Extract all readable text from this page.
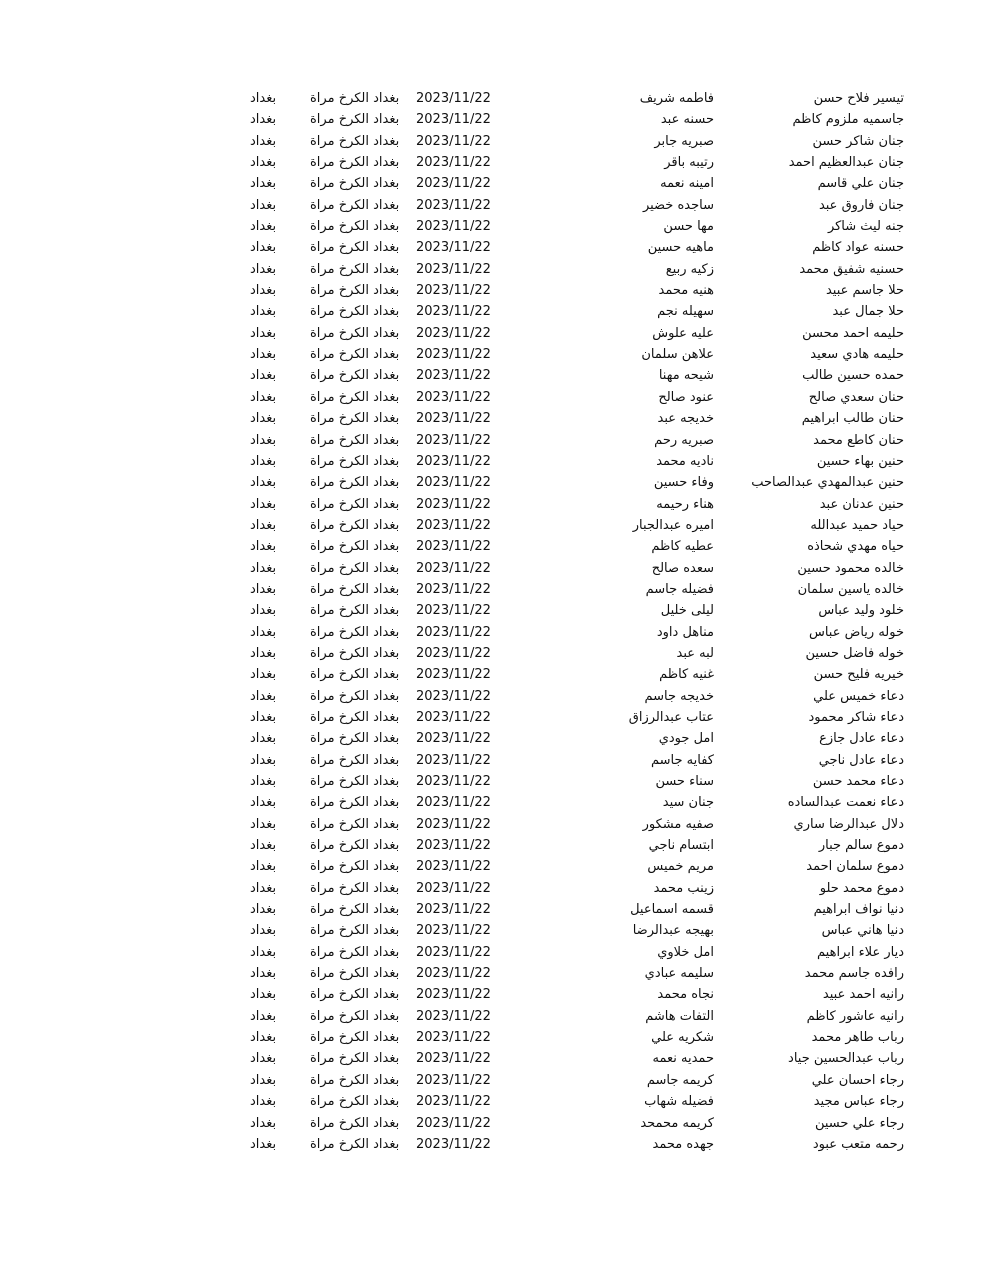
تيسير فلاح حسن
فاطمه شريف
2023/11/22
بغداد الكرخ مراة
بغداد
جاسميه ملزوم كاظم
حسنه عبد
2023/11/22
بغداد الكرخ مراة
بغداد
جنان شاكر حسن
صبريه جابر
2023/11/22
بغداد الكرخ مراة
بغداد
جنان عبدالعظيم احمد
رتيبه باقر
2023/11/22
بغداد الكرخ مراة
بغداد
جنان علي قاسم
امينه نعمه
2023/11/22
بغداد الكرخ مراة
بغداد
جنان فاروق عبد
ساجده خضير
2023/11/22
بغداد الكرخ مراة
بغداد
جنه ليث شاكر
مها حسن
2023/11/22
بغداد الكرخ مراة
بغداد
حسنه عواد كاظم
ماهيه حسين
2023/11/22
بغداد الكرخ مراة
بغداد
حسنيه شفيق محمد
زكيه ربيع
2023/11/22
بغداد الكرخ مراة
بغداد
حلا جاسم عبيد
هنيه محمد
2023/11/22
بغداد الكرخ مراة
بغداد
حلا جمال عبد
سهيله نجم
2023/11/22
بغداد الكرخ مراة
بغداد
حليمه احمد محسن
عليه علوش
2023/11/22
بغداد الكرخ مراة
بغداد
حليمه هادي سعيد
علاهن سلمان
2023/11/22
بغداد الكرخ مراة
بغداد
حمده حسين طالب
شيحه مهنا
2023/11/22
بغداد الكرخ مراة
بغداد
حنان سعدي صالح
عنود صالح
2023/11/22
بغداد الكرخ مراة
بغداد
حنان طالب ابراهيم
خديجه عبد
2023/11/22
بغداد الكرخ مراة
بغداد
حنان كاطع محمد
صبريه رحم
2023/11/22
بغداد الكرخ مراة
بغداد
حنين بهاء حسين
ناديه محمد
2023/11/22
بغداد الكرخ مراة
بغداد
حنين عبدالمهدي عبدالصاحب
وفاء حسين
2023/11/22
بغداد الكرخ مراة
بغداد
حنين عدنان عبد
هناء رحيمه
2023/11/22
بغداد الكرخ مراة
بغداد
حياد حميد عبدالله
اميره عبدالجبار
2023/11/22
بغداد الكرخ مراة
بغداد
حياه مهدي شحاذه
عطيه كاظم
2023/11/22
بغداد الكرخ مراة
بغداد
خالده محمود حسين
سعده صالح
2023/11/22
بغداد الكرخ مراة
بغداد
خالده ياسين سلمان
فضيله جاسم
2023/11/22
بغداد الكرخ مراة
بغداد
خلود وليد عباس
ليلى خليل
2023/11/22
بغداد الكرخ مراة
بغداد
خوله رياض عباس
مناهل داود
2023/11/22
بغداد الكرخ مراة
بغداد
خوله فاضل حسين
لبه عبد
2023/11/22
بغداد الكرخ مراة
بغداد
خيريه فليح حسن
غنيه كاظم
2023/11/22
بغداد الكرخ مراة
بغداد
دعاء خميس علي
خديجه جاسم
2023/11/22
بغداد الكرخ مراة
بغداد
دعاء شاكر محمود
عتاب عبدالرزاق
2023/11/22
بغداد الكرخ مراة
بغداد
دعاء عادل جازع
امل جودي
2023/11/22
بغداد الكرخ مراة
بغداد
دعاء عادل ناجي
كفايه جاسم
2023/11/22
بغداد الكرخ مراة
بغداد
دعاء محمد حسن
سناء حسن
2023/11/22
بغداد الكرخ مراة
بغداد
دعاء نعمت عبدالساده
جنان سيد
2023/11/22
بغداد الكرخ مراة
بغداد
دلال عبدالرضا ساري
صفيه مشكور
2023/11/22
بغداد الكرخ مراة
بغداد
دموع سالم جبار
ابتسام ناجي
2023/11/22
بغداد الكرخ مراة
بغداد
دموع سلمان احمد
مريم خميس
2023/11/22
بغداد الكرخ مراة
بغداد
دموع محمد حلو
زينب محمد
2023/11/22
بغداد الكرخ مراة
بغداد
دنيا نواف ابراهيم
قسمه اسماعيل
2023/11/22
بغداد الكرخ مراة
بغداد
دنيا هاني عباس
بهيجه عبدالرضا
2023/11/22
بغداد الكرخ مراة
بغداد
ديار علاء ابراهيم
امل خلاوي
2023/11/22
بغداد الكرخ مراة
بغداد
رافده جاسم محمد
سليمه عبادي
2023/11/22
بغداد الكرخ مراة
بغداد
رانيه احمد عبيد
نجاه محمد
2023/11/22
بغداد الكرخ مراة
بغداد
رانيه عاشور كاظم
التفات هاشم
2023/11/22
بغداد الكرخ مراة
بغداد
رباب طاهر محمد
شكريه علي
2023/11/22
بغداد الكرخ مراة
بغداد
رباب عبدالحسين جياد
حمديه نعمه
2023/11/22
بغداد الكرخ مراة
بغداد
رجاء احسان علي
كريمه جاسم
2023/11/22
بغداد الكرخ مراة
بغداد
رجاء عباس مجيد
فضيله شهاب
2023/11/22
بغداد الكرخ مراة
بغداد
رجاء علي حسين
كريمه محمحد
2023/11/22
بغداد الكرخ مراة
بغداد
رحمه متعب عبود
جهده محمد
2023/11/22
بغداد الكرخ مراة
بغداد
